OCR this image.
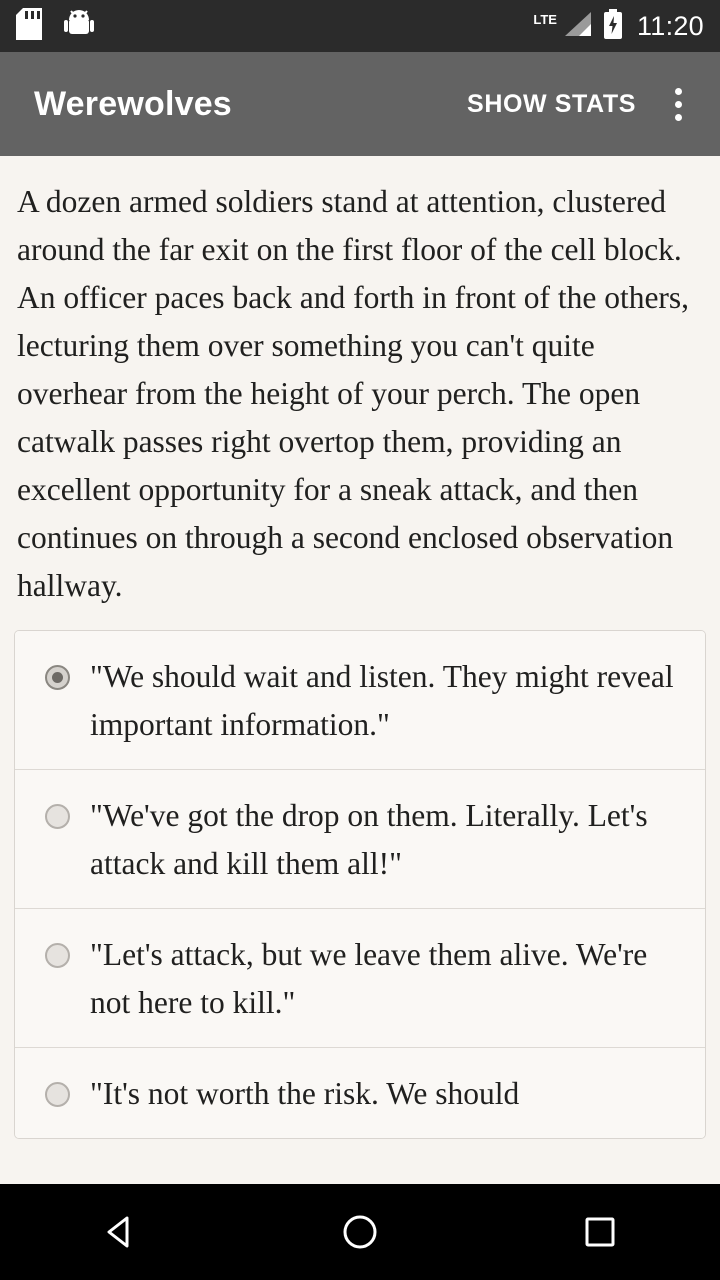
LTE	11:20
Werewolves	SHOW STATS
A dozen armed soldiers stand at attention, clustered around the far exit on the first floor of the cell block. An officer paces back and forth in front of the others, lecturing them over something you can't quite overhear from the height of your perch. The open catwalk passes right overtop them, providing an excellent opportunity for a sneak attack, and then continues on through a second enclosed observation hallway.
"We should wait and listen. They might reveal important information."
"We've got the drop on them. Literally. Let's attack and kill them all!"
"Let's attack, but we leave them alive. We're not here to kill."
"It's not worth the risk. We should
